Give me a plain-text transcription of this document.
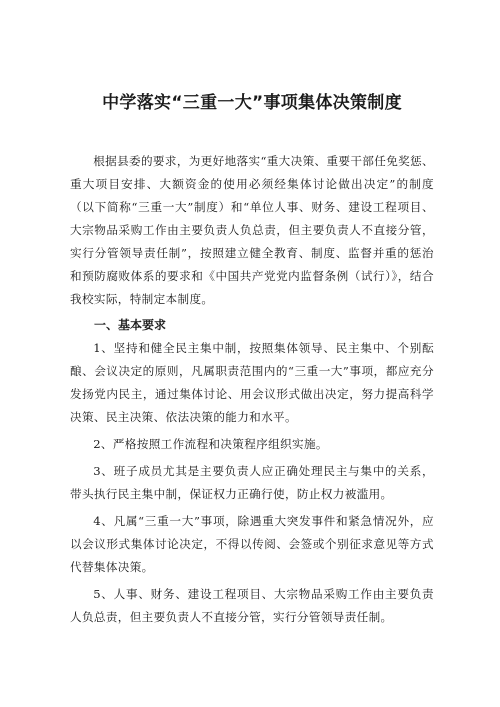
中学落实“三重一大”事项集体决策制度

根据县委的要求，为更好地落实“重大决策、重要干部任免奖惩、重大项目安排、大额资金的使用必须经集体讨论做出决定”的制度（以下简称“三重一大”制度）和“单位人事、财务、建设工程项目、大宗物品采购工作由主要负责人负总责，但主要负责人不直接分管，实行分管领导责任制”，按照建立健全教育、制度、监督并重的惩治和预防腐败体系的要求和《中国共产党党内监督条例（试行）》，结合我校实际，特制定本制度。

一、基本要求

1、坚持和健全民主集中制，按照集体领导、民主集中、个别酝酿、会议决定的原则，凡属职责范围内的“三重一大”事项，都应充分发扬党内民主，通过集体讨论、用会议形式做出决定，努力提高科学决策、民主决策、依法决策的能力和水平。

2、严格按照工作流程和决策程序组织实施。

3、班子成员尤其是主要负责人应正确处理民主与集中的关系，带头执行民主集中制，保证权力正确行使，防止权力被滥用。

4、凡属“三重一大”事项，除遇重大突发事件和紧急情况外，应以会议形式集体讨论决定，不得以传阅、会签或个别征求意见等方式代替集体决策。

5、人事、财务、建设工程项目、大宗物品采购工作由主要负责人负总责，但主要负责人不直接分管，实行分管领导责任制。
